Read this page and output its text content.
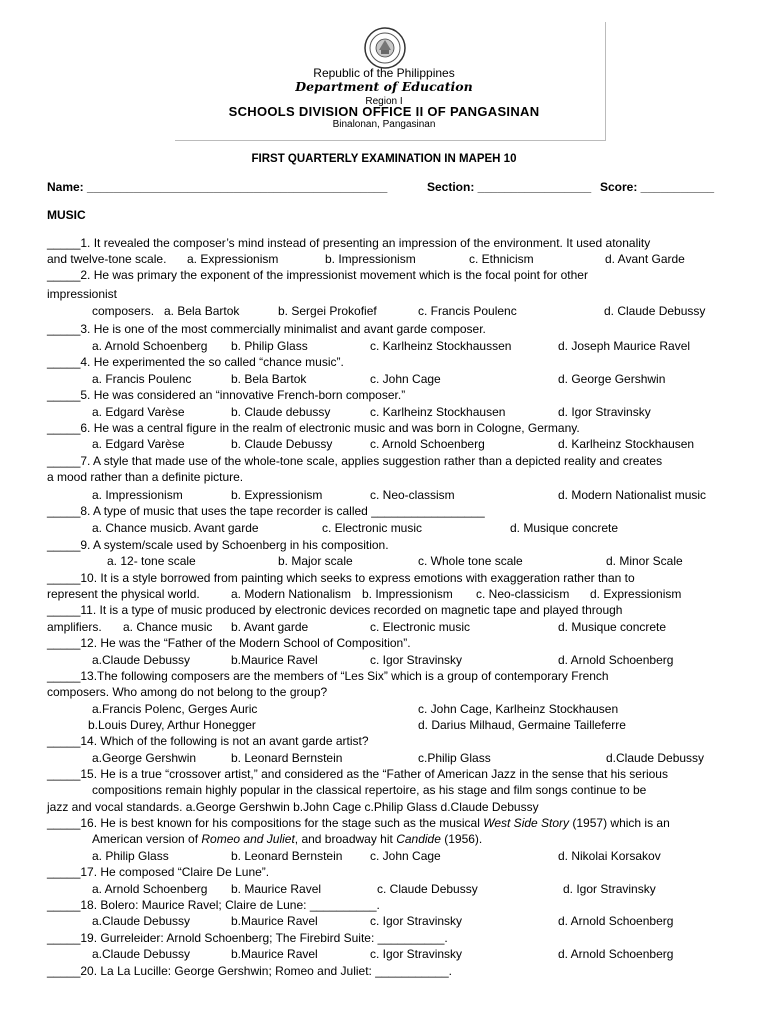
Republic of the Philippines
Department of Education
Region I
SCHOOLS DIVISION OFFICE II OF PANGASINAN
Binalonan, Pangasinan
FIRST QUARTERLY EXAMINATION IN MAPEH 10
Name: _____________________________________________	Section: _________________ Score: ___________
MUSIC
_____1. It revealed the composer’s mind instead of presenting an impression of the environment. It used atonality
and twelve-tone scale. a. Expressionism	b. Impressionism	c. Ethnicism	d. Avant Garde
_____2. He was primary the exponent of the impressionist movement which is the focal point for other
impressionist
composers. a. Bela Bartok	b. Sergei Prokofief	c. Francis Poulenc	d. Claude Debussy
_____3. He is one of the most commercially minimalist and avant garde composer.
a. Arnold Schoenberg b. Philip Glass	c. Karlheinz Stockhaussen	d. Joseph Maurice Ravel
_____4. He experimented the so called “chance music”.
a. Francis Poulenc	b. Bela Bartok	c. John Cage	d. George Gershwin
_____5. He was considered an “innovative French-born composer.”
a. Edgard Varèse	b. Claude debussy	c. Karlheinz Stockhausen	d. Igor Stravinsky
_____6. He was a central figure in the realm of electronic music and was born in Cologne, Germany.
a. Edgard Varèse	b. Claude Debussy	c. Arnold Schoenberg	d. Karlheinz Stockhausen
_____7. A style that made use of the whole-tone scale, applies suggestion rather than a depicted reality and creates
a mood rather than a definite picture.
a. Impressionism	b. Expressionism	c. Neo-classism	d. Modern Nationalist music
_____8. A type of music that uses the tape recorder is called _________________
a. Chance musicb. Avant garde	c. Electronic music	d. Musique concrete
_____9. A system/scale used by Schoenberg in his composition.
a. 12- tone scale	b. Major scale	c. Whole tone scale	d. Minor Scale
_____10. It is a style borrowed from painting which seeks to express emotions with exaggeration rather than to
represent the physical world.	a. Modern Nationalism b. Impressionism c. Neo-classicism d. Expressionism
_____11. It is a type of music produced by electronic devices recorded on magnetic tape and played through
amplifiers. a. Chance music b. Avant garde	c. Electronic music	d. Musique concrete
_____12. He was the “Father of the Modern School of Composition”.
a.Claude Debussy	b.Maurice Ravel	c. Igor Stravinsky	d. Arnold Schoenberg
_____13.The following composers are the members of “Les Six” which is a group of contemporary French
composers. Who among do not belong to the group?
a.Francis Polenc, Gerges Auric	c. John Cage, Karlheinz Stockhausen
b.Louis Durey, Arthur Honegger	d. Darius Milhaud, Germaine Tailleferre
_____14. Which of the following is not an avant garde artist?
a.George Gershwin	b. Leonard Bernstein	c.Philip Glass	d.Claude Debussy
_____15. He is a true “crossover artist,” and considered as the “Father of American Jazz in the sense that his serious
compositions remain highly popular in the classical repertoire, as his stage and film songs continue to be
jazz and vocal standards. a.George Gershwin b.John Cage c.Philip Glass d.Claude Debussy
_____16. He is best known for his compositions for the stage such as the musical West Side Story (1957) which is an
American version of Romeo and Juliet, and broadway hit Candide (1956).
a. Philip Glass	b. Leonard Bernstein c. John Cage	d. Nikolai Korsakov
_____17. He composed “Claire De Lune”.
a. Arnold Schoenberg b. Maurice Ravel	c. Claude Debussy	d. Igor Stravinsky
_____18. Bolero: Maurice Ravel; Claire de Lune: __________.
a.Claude Debussy	b.Maurice Ravel	c. Igor Stravinsky	d. Arnold Schoenberg
_____19. Gurreleider: Arnold Schoenberg; The Firebird Suite: __________.
a.Claude Debussy	b.Maurice Ravel	c. Igor Stravinsky	d. Arnold Schoenberg
_____20. La La Lucille: George Gershwin; Romeo and Juliet: ___________.
